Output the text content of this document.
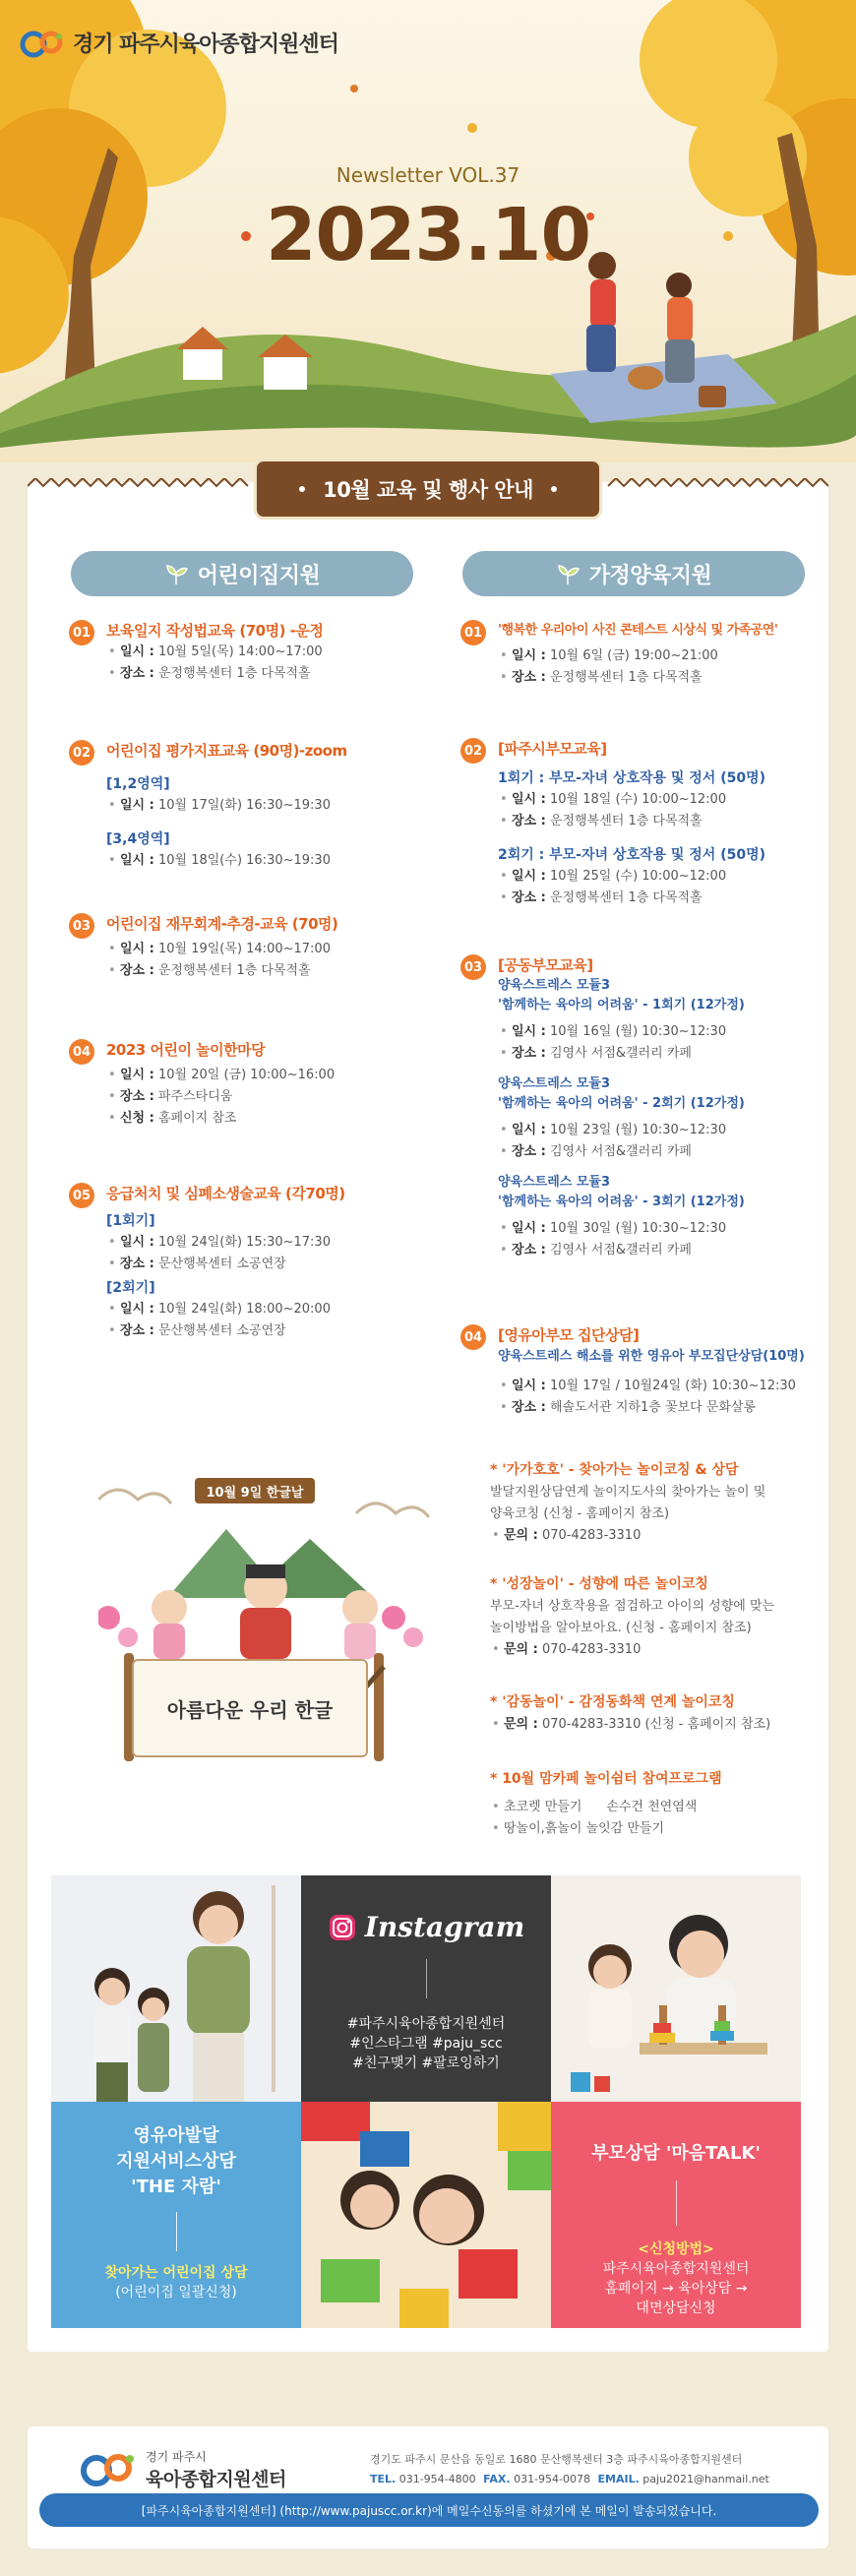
경기 파주시육아종합지원센터
Newsletter VOL.37
2023.10
10월 교육 및 행사 안내
어린이집지원	가정양육지원
01 보육일지 작성법교육 (70명) -운정
• 일시 : 10월 5일(목) 14:00~17:00
• 장소 : 운정행복센터 1층 다목적홀
02 어린이집 평가지표교육 (90명)-zoom
[1,2영역]
• 일시 : 10월 17일(화) 16:30~19:30
[3,4영역]
• 일시 : 10월 18일(수) 16:30~19:30
03 어린이집 재무회계-추경-교육 (70명)
• 일시 : 10월 19일(목) 14:00~17:00
• 장소 : 운정행복센터 1층 다목적홀
04 2023 어린이 놀이한마당
• 일시 : 10월 20일 (금) 10:00~16:00
• 장소 : 파주스타디움
• 신청 : 홈페이지 참조
05 응급처치 및 심폐소생술교육 (각70명)
[1회기]
• 일시 : 10월 24일(화) 15:30~17:30
• 장소 : 문산행복센터 소공연장
[2회기]
• 일시 : 10월 24일(화) 18:00~20:00
• 장소 : 문산행복센터 소공연장
10월 9일 한글날
아름다운 우리 한글
01	'행복한 우리아이 사진 콘테스트 시상식 및 가족공연'
• 일시 : 10월 6일 (금) 19:00~21:00
• 장소 : 운정행복센터 1층 다목적홀
02 [파주시부모교육]
1회기 : 부모-자녀 상호작용 및 정서 (50명)
• 일시 : 10월 18일 (수) 10:00~12:00
• 장소 : 운정행복센터 1층 다목적홀
2회기 : 부모-자녀 상호작용 및 정서 (50명)
• 일시 : 10월 25일 (수) 10:00~12:00
• 장소 : 운정행복센터 1층 다목적홀
03 [공동부모교육]
양육스트레스 모듈3
'함께하는 육아의 어려움' - 1회기 (12가정)
• 일시 : 10월 16일 (월) 10:30~12:30
• 장소 : 김영사 서점&갤러리 카페
양육스트레스 모듈3
'함께하는 육아의 어려움' - 2회기 (12가정)
• 일시 : 10월 23일 (월) 10:30~12:30
• 장소 : 김영사 서점&갤러리 카페
양육스트레스 모듈3
'함께하는 육아의 어려움' - 3회기 (12가정)
• 일시 : 10월 30일 (월) 10:30~12:30
• 장소 : 김영사 서점&갤러리 카페
04 [영유아부모 집단상담]
양육스트레스 해소를 위한 영유아 부모집단상담(10명)
• 일시 : 10월 17일 / 10월24일 (화) 10:30~12:30
• 장소 : 해솔도서관 지하1층 꽃보다 문화살롱
* '가가호호' - 찾아가는 놀이코칭 & 상담
발달지원상담연계 놀이지도사의 찾아가는 놀이 및
양육코칭 (신청 - 홈페이지 참조)
• 문의 : 070-4283-3310
* '성장놀이' - 성향에 따른 놀이코칭
부모-자녀 상호작용을 점검하고 아이의 성향에 맞는
놀이방법을 알아보아요. (신청 - 홈페이지 참조)
• 문의 : 070-4283-3310
* '감동놀이' - 감정동화책 연계 놀이코칭
• 문의 : 070-4283-3310 (신청 - 홈페이지 참조)
* 10월 맘카페 놀이쉼터 참여프로그램
• 초코렛 만들기      손수건 천연염색
• 땅놀이,흙놀이 놀잇감 만들기
Instagram
#파주시육아종합지원센터
#인스타그램 #paju_scc
#친구맺기 #팔로잉하기
영유아발달
지원서비스상담
'THE 자람'
찾아가는 어린이집 상담
(어린이집 일괄신청)
부모상담 '마음TALK'
<신청방법>
파주시육아종합지원센터
홈페이지 → 육아상담 →
대면상담신청
경기 파주시
육아종합지원센터
경기도 파주시 문산읍 동일로 1680 문산행복센터 3층 파주시육아종합지원센터
TEL. 031-954-4800 FAX. 031-954-0078 EMAIL. paju2021@hanmail.net
[파주시육아종합지원센터] (http://www.pajuscc.or.kr)에 메일수신동의를 하셨기에 본 메일이 발송되었습니다.
